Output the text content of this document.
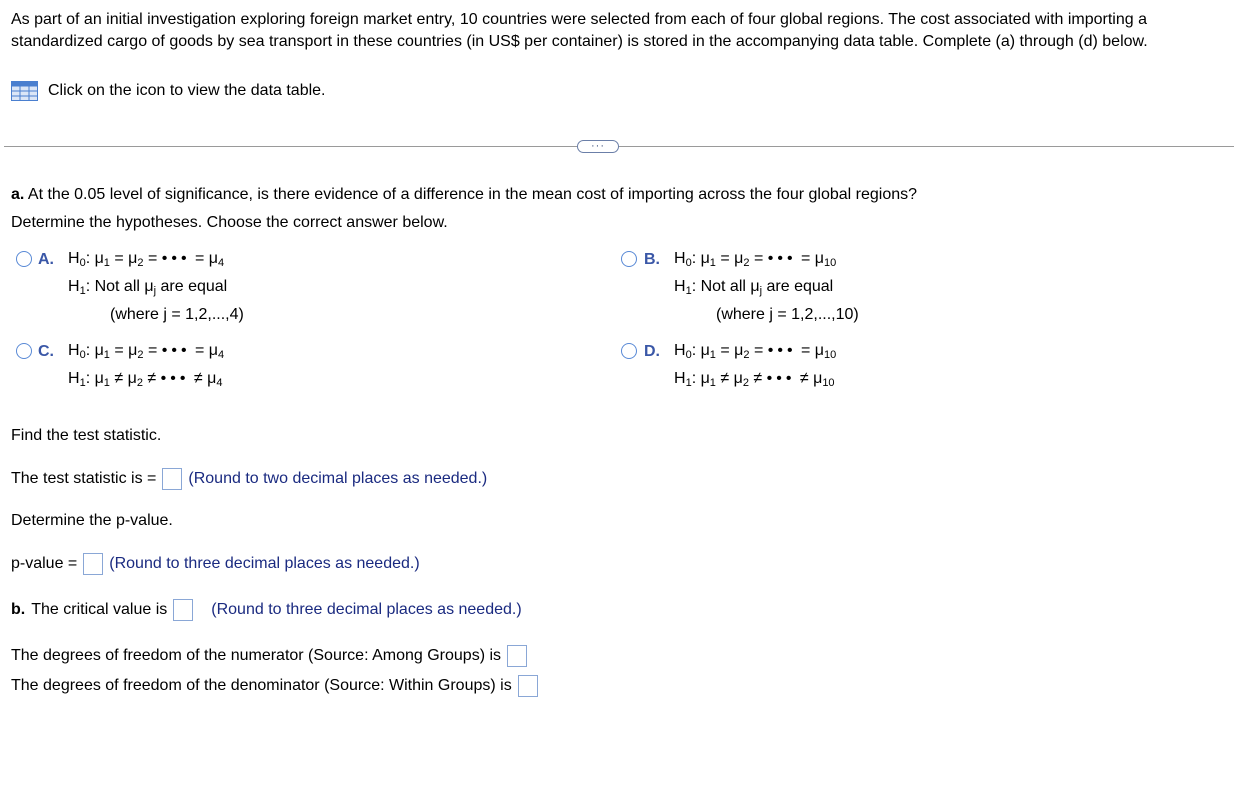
As part of an initial investigation exploring foreign market entry, 10 countries were selected from each of four global regions. The cost associated with importing a standardized cargo of goods by sea transport in these countries (in US$ per container) is stored in the accompanying data table. Complete (a) through (d) below.
Click on the icon to view the data table.
···
a. At the 0.05 level of significance, is there evidence of a difference in the mean cost of importing across the four global regions?
Determine the hypotheses. Choose the correct answer below.
A. $H_0$: $\mu_1 = \mu_2$ = ••• = $\mu_4$
$H_1$: Not all $\mu_j$ are equal
(where j = 1,2,...,4)
B. $H_0$: $\mu_1 = \mu_2$ = ••• = $\mu_{10}$
$H_1$: Not all $\mu_j$ are equal
(where j = 1,2,...,10)
C. $H_0$: $\mu_1 = \mu_2$ = ••• = $\mu_4$
$H_1$: $\mu_1 \ne \mu_2$ ≠ ••• ≠ $\mu_4$
D. $H_0$: $\mu_1 = \mu_2$ = ••• = $\mu_{10}$
$H_1$: $\mu_1 \ne \mu_2$ ≠ ••• ≠ $\mu_{10}$
Find the test statistic.
The test statistic is = (Round to two decimal places as needed.)
Determine the p-value.
p-value = (Round to three decimal places as needed.)
b. The critical value is	(Round to three decimal places as needed.)
The degrees of freedom of the numerator (Source: Among Groups) is
The degrees of freedom of the denominator (Source: Within Groups) is
